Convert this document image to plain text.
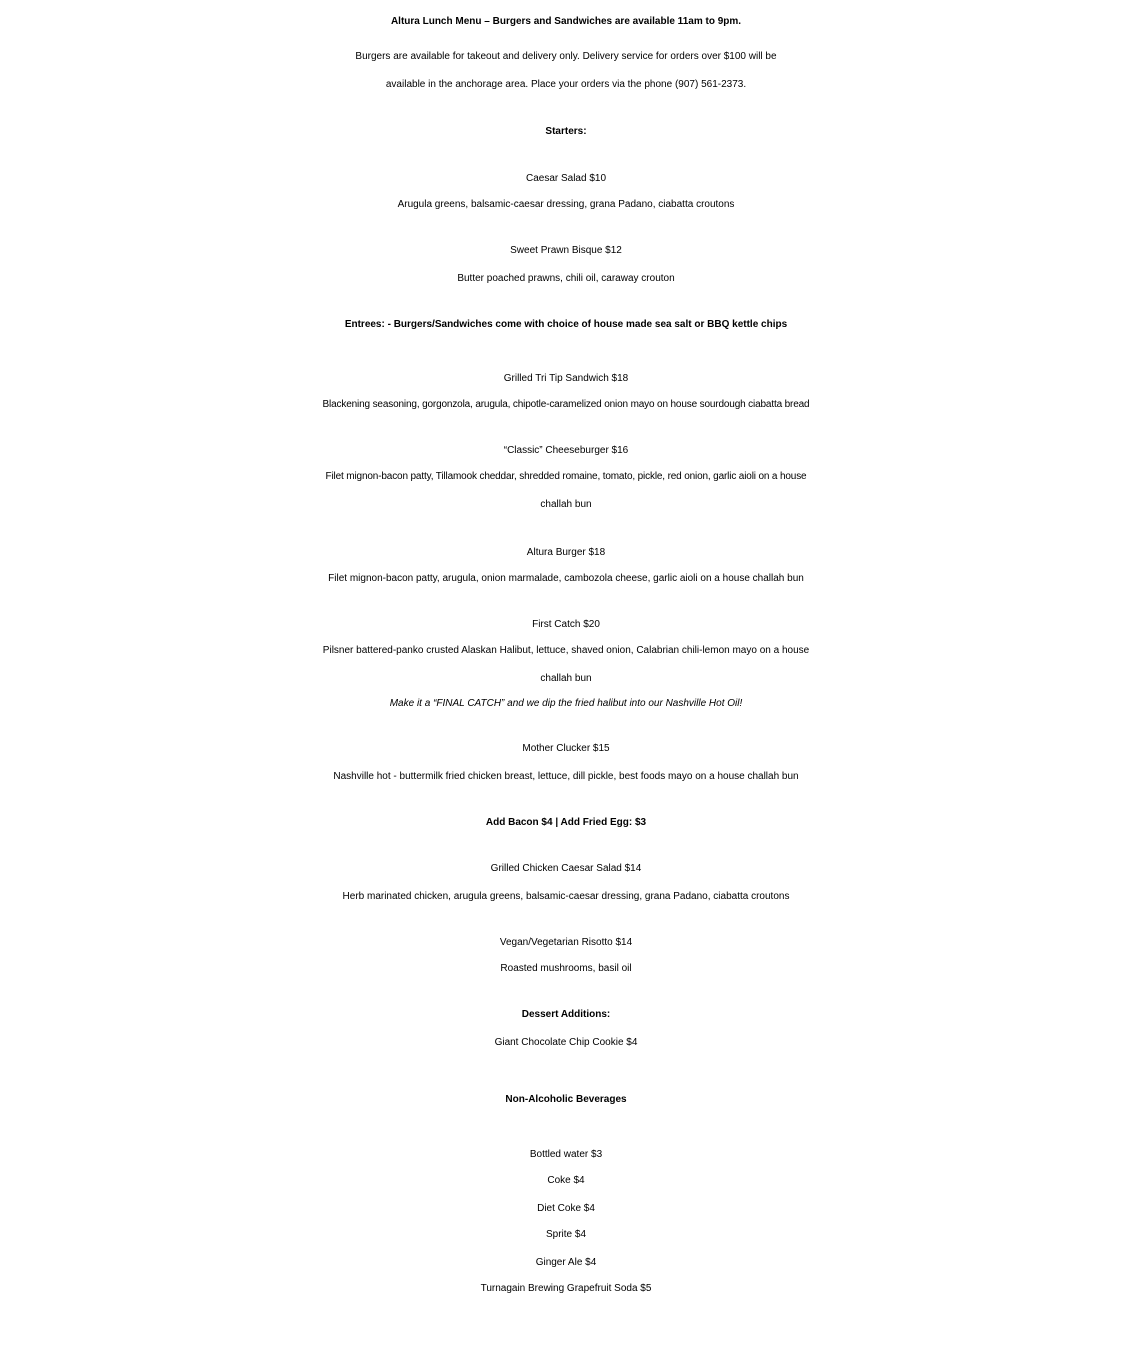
Altura Lunch Menu – Burgers and Sandwiches are available 11am to 9pm.
Burgers are available for takeout and delivery only. Delivery service for orders over $100 will be
available in the anchorage area. Place your orders via the phone (907) 561-2373.
Starters:
Caesar Salad $10
Arugula greens, balsamic-caesar dressing, grana Padano, ciabatta croutons
Sweet Prawn Bisque $12
Butter poached prawns, chili oil, caraway crouton
Entrees: - Burgers/Sandwiches come with choice of house made sea salt or BBQ kettle chips
Grilled Tri Tip Sandwich $18
Blackening seasoning, gorgonzola, arugula, chipotle-caramelized onion mayo on house sourdough ciabatta bread
“Classic” Cheeseburger $16
Filet mignon-bacon patty, Tillamook cheddar, shredded romaine, tomato, pickle, red onion, garlic aioli on a house
challah bun
Altura Burger $18
Filet mignon-bacon patty, arugula, onion marmalade, cambozola cheese, garlic aioli on a house challah bun
First Catch $20
Pilsner battered-panko crusted Alaskan Halibut, lettuce, shaved onion, Calabrian chili-lemon mayo on a house
challah bun
Make it a “FINAL CATCH” and we dip the fried halibut into our Nashville Hot Oil!
Mother Clucker $15
Nashville hot - buttermilk fried chicken breast, lettuce, dill pickle, best foods mayo on a house challah bun
Add Bacon $4 | Add Fried Egg: $3
Grilled Chicken Caesar Salad $14
Herb marinated chicken, arugula greens, balsamic-caesar dressing, grana Padano, ciabatta croutons
Vegan/Vegetarian Risotto $14
Roasted mushrooms, basil oil
Dessert Additions:
Giant Chocolate Chip Cookie $4
Non-Alcoholic Beverages
Bottled water $3
Coke $4
Diet Coke $4
Sprite $4
Ginger Ale $4
Turnagain Brewing Grapefruit Soda $5
